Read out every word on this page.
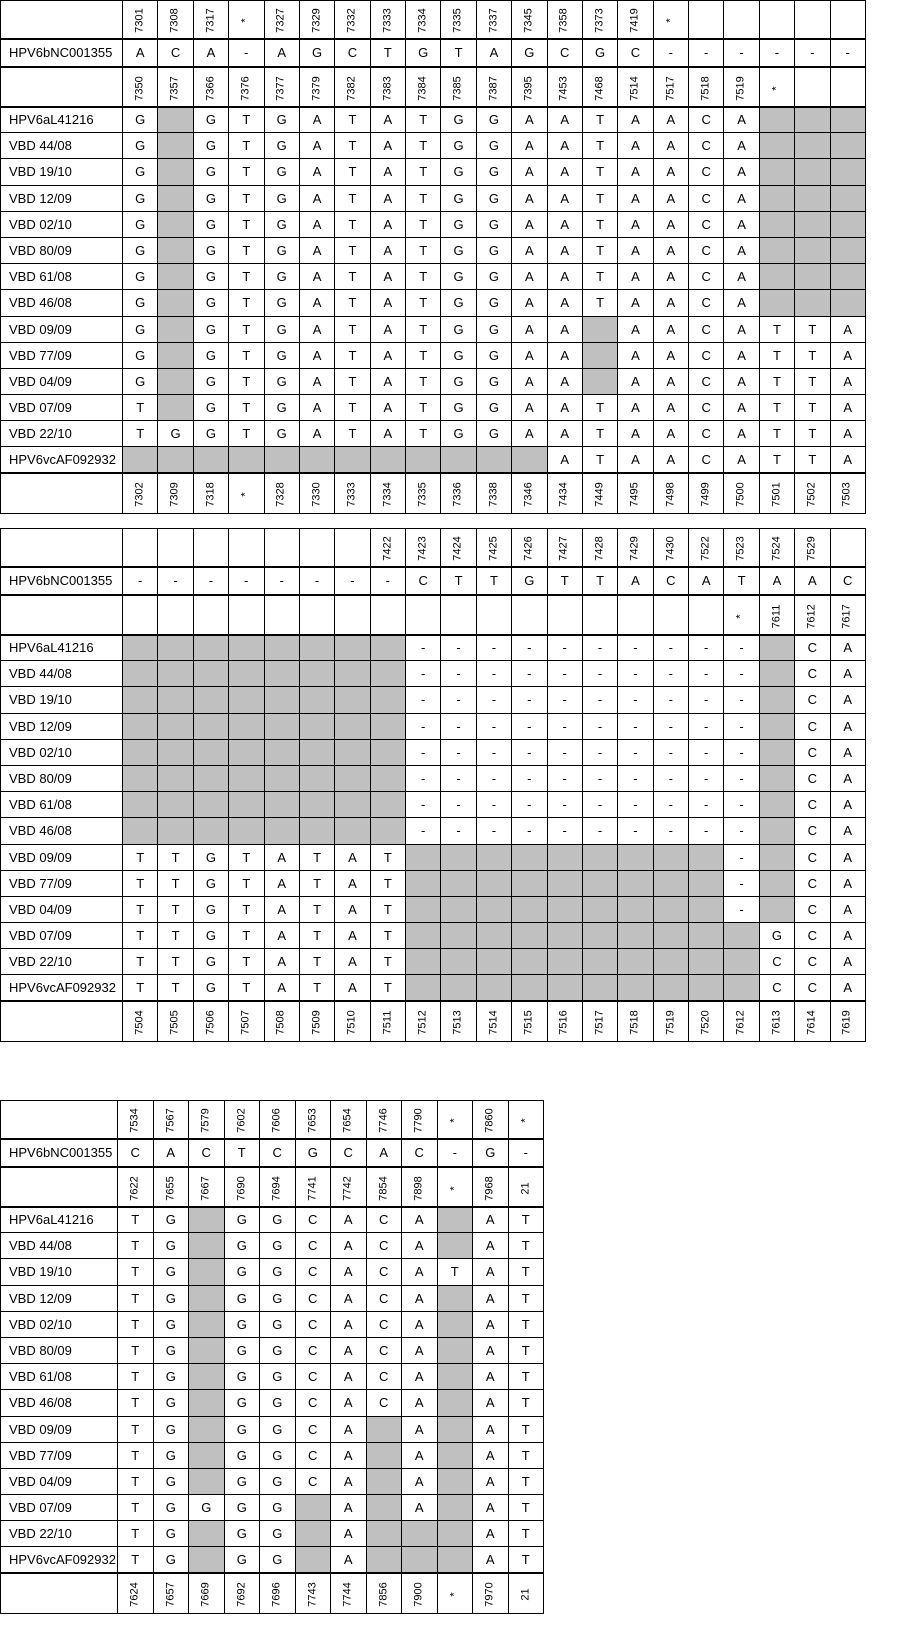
	7301	7308	7317	*	7327	7329	7332	7333	7334	7335	7337	7345	7358	7373	7419	*					
HPV6bNC001355	A	C	A	-	A	G	C	T	G	T	A	G	C	G	C	-	-	-	-	-	-
	7350	7357	7366	7376	7377	7379	7382	7383	7384	7385	7387	7395	7453	7468	7514	7517	7518	7519	*		
HPV6aL41216	G		G	T	G	A	T	A	T	G	G	A	A	T	A	A	C	A			
VBD 44/08	G		G	T	G	A	T	A	T	G	G	A	A	T	A	A	C	A			
VBD 19/10	G		G	T	G	A	T	A	T	G	G	A	A	T	A	A	C	A			
VBD 12/09	G		G	T	G	A	T	A	T	G	G	A	A	T	A	A	C	A			
VBD 02/10	G		G	T	G	A	T	A	T	G	G	A	A	T	A	A	C	A			
VBD 80/09	G		G	T	G	A	T	A	T	G	G	A	A	T	A	A	C	A			
VBD 61/08	G		G	T	G	A	T	A	T	G	G	A	A	T	A	A	C	A			
VBD 46/08	G		G	T	G	A	T	A	T	G	G	A	A	T	A	A	C	A			
VBD 09/09	G		G	T	G	A	T	A	T	G	G	A	A		A	A	C	A	T	T	A
VBD 77/09	G		G	T	G	A	T	A	T	G	G	A	A		A	A	C	A	T	T	A
VBD 04/09	G		G	T	G	A	T	A	T	G	G	A	A		A	A	C	A	T	T	A
VBD 07/09	T		G	T	G	A	T	A	T	G	G	A	A	T	A	A	C	A	T	T	A
VBD 22/10	T	G	G	T	G	A	T	A	T	G	G	A	A	T	A	A	C	A	T	T	A
HPV6vcAF092932													A	T	A	A	C	A	T	T	A
	7302	7309	7318	*	7328	7330	7333	7334	7335	7336	7338	7346	7434	7449	7495	7498	7499	7500	7501	7502	7503
								7422	7423	7424	7425	7426	7427	7428	7429	7430	7522	7523	7524	7529	
HPV6bNC001355	-	-	-	-	-	-	-	-	C	T	T	G	T	T	A	C	A	T	A	A	C
																		*	7611	7612	7617
HPV6aL41216									-	-	-	-	-	-	-	-	-	-		C	A
VBD 44/08									-	-	-	-	-	-	-	-	-	-		C	A
VBD 19/10									-	-	-	-	-	-	-	-	-	-		C	A
VBD 12/09									-	-	-	-	-	-	-	-	-	-		C	A
VBD 02/10									-	-	-	-	-	-	-	-	-	-		C	A
VBD 80/09									-	-	-	-	-	-	-	-	-	-		C	A
VBD 61/08									-	-	-	-	-	-	-	-	-	-		C	A
VBD 46/08									-	-	-	-	-	-	-	-	-	-		C	A
VBD 09/09	T	T	G	T	A	T	A	T										-		C	A
VBD 77/09	T	T	G	T	A	T	A	T										-		C	A
VBD 04/09	T	T	G	T	A	T	A	T										-		C	A
VBD 07/09	T	T	G	T	A	T	A	T											G	C	A
VBD 22/10	T	T	G	T	A	T	A	T											C	C	A
HPV6vcAF092932	T	T	G	T	A	T	A	T											C	C	A
	7504	7505	7506	7507	7508	7509	7510	7511	7512	7513	7514	7515	7516	7517	7518	7519	7520	7612	7613	7614	7619
	7534	7567	7579	7602	7606	7653	7654	7746	7790	*	7860	*
HPV6bNC001355	C	A	C	T	C	G	C	A	C	-	G	-
	7622	7655	7667	7690	7694	7741	7742	7854	7898	*	7968	21
HPV6aL41216	T	G		G	G	C	A	C	A		A	T
VBD 44/08	T	G		G	G	C	A	C	A		A	T
VBD 19/10	T	G		G	G	C	A	C	A	T	A	T
VBD 12/09	T	G		G	G	C	A	C	A		A	T
VBD 02/10	T	G		G	G	C	A	C	A		A	T
VBD 80/09	T	G		G	G	C	A	C	A		A	T
VBD 61/08	T	G		G	G	C	A	C	A		A	T
VBD 46/08	T	G		G	G	C	A	C	A		A	T
VBD 09/09	T	G		G	G	C	A		A		A	T
VBD 77/09	T	G		G	G	C	A		A		A	T
VBD 04/09	T	G		G	G	C	A		A		A	T
VBD 07/09	T	G	G	G	G		A		A		A	T
VBD 22/10	T	G		G	G		A				A	T
HPV6vcAF092932	T	G		G	G		A				A	T
	7624	7657	7669	7692	7696	7743	7744	7856	7900	*	7970	21
